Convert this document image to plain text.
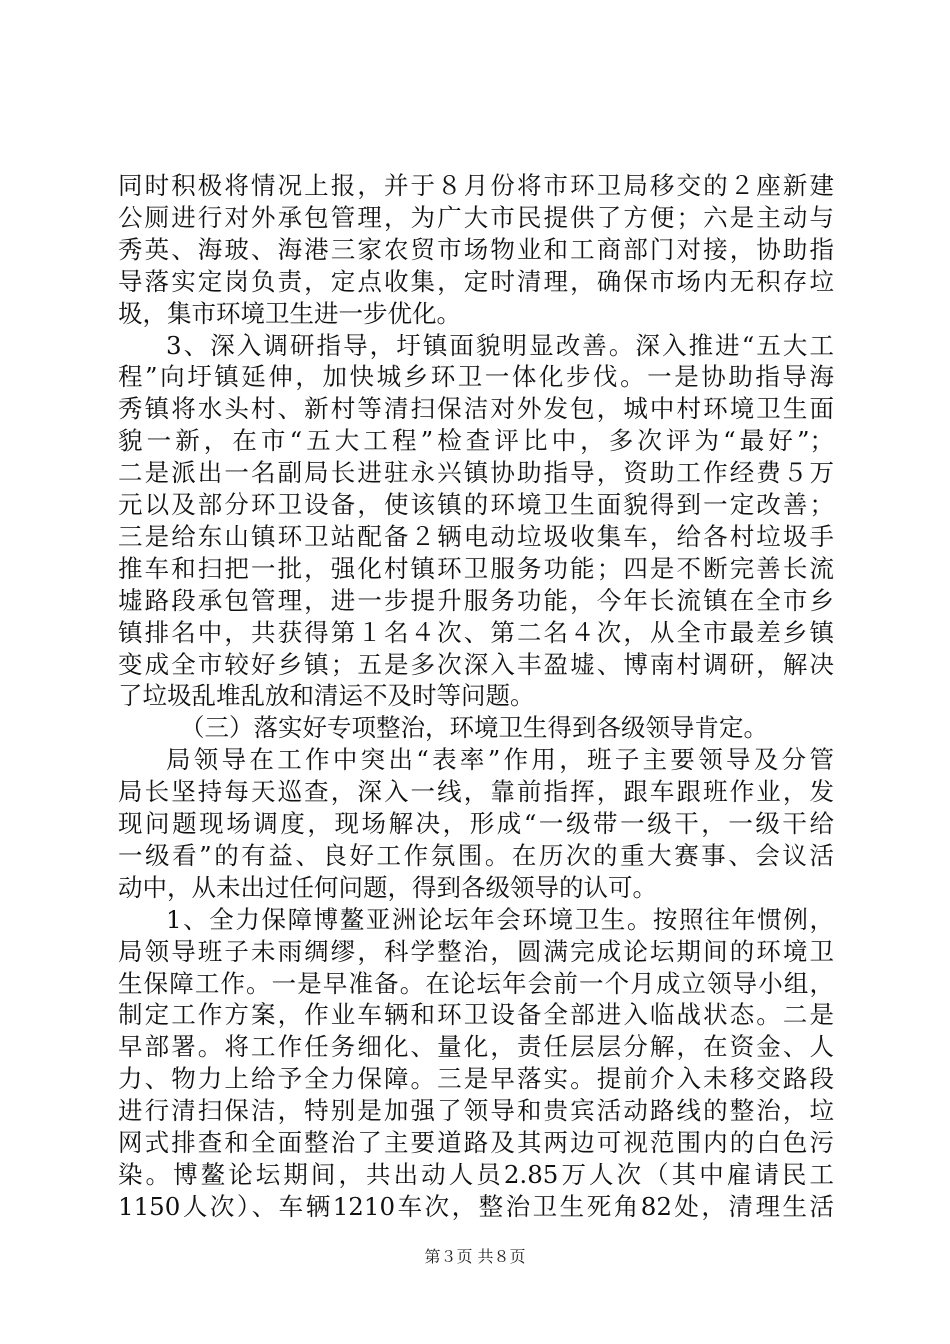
同时积极将情况上报，并于８月份将市环卫局移交的２座新建
公厕进行对外承包管理，为广大市民提供了方便；六是主动与
秀英、海玻、海港三家农贸市场物业和工商部门对接，协助指
导落实定岗负责，定点收集，定时清理，确保市场内无积存垃
圾，集市环境卫生进一步优化。
3、深入调研指导，圩镇面貌明显改善。深入推进“五大工
程”向圩镇延伸，加快城乡环卫一体化步伐。一是协助指导海
秀镇将水头村、新村等清扫保洁对外发包，城中村环境卫生面
貌一新，在市“五大工程”检查评比中，多次评为“最好”；
二是派出一名副局长进驻永兴镇协助指导，资助工作经费５万
元以及部分环卫设备，使该镇的环境卫生面貌得到一定改善；
三是给东山镇环卫站配备２辆电动垃圾收集车，给各村垃圾手
推车和扫把一批，强化村镇环卫服务功能；四是不断完善长流
墟路段承包管理，进一步提升服务功能，今年长流镇在全市乡
镇排名中，共获得第１名４次、第二名４次，从全市最差乡镇
变成全市较好乡镇；五是多次深入丰盈墟、博南村调研，解决
了垃圾乱堆乱放和清运不及时等问题。
（三）落实好专项整治，环境卫生得到各级领导肯定。
局领导在工作中突出“表率”作用，班子主要领导及分管
局长坚持每天巡查，深入一线，靠前指挥，跟车跟班作业，发
现问题现场调度，现场解决，形成“一级带一级干，一级干给
一级看”的有益、良好工作氛围。在历次的重大赛事、会议活
动中，从未出过任何问题，得到各级领导的认可。
1、全力保障博鳌亚洲论坛年会环境卫生。按照往年惯例，
局领导班子未雨绸缪，科学整治，圆满完成论坛期间的环境卫
生保障工作。一是早准备。在论坛年会前一个月成立领导小组，
制定工作方案，作业车辆和环卫设备全部进入临战状态。二是
早部署。将工作任务细化、量化，责任层层分解，在资金、人
力、物力上给予全力保障。三是早落实。提前介入未移交路段
进行清扫保洁，特别是加强了领导和贵宾活动路线的整治，垃
网式排查和全面整治了主要道路及其两边可视范围内的白色污
染。博鳌论坛期间，共出动人员2.85万人次（其中雇请民工
1150人次）、车辆1210车次，整治卫生死角82处，清理生活
第３页 共８页
